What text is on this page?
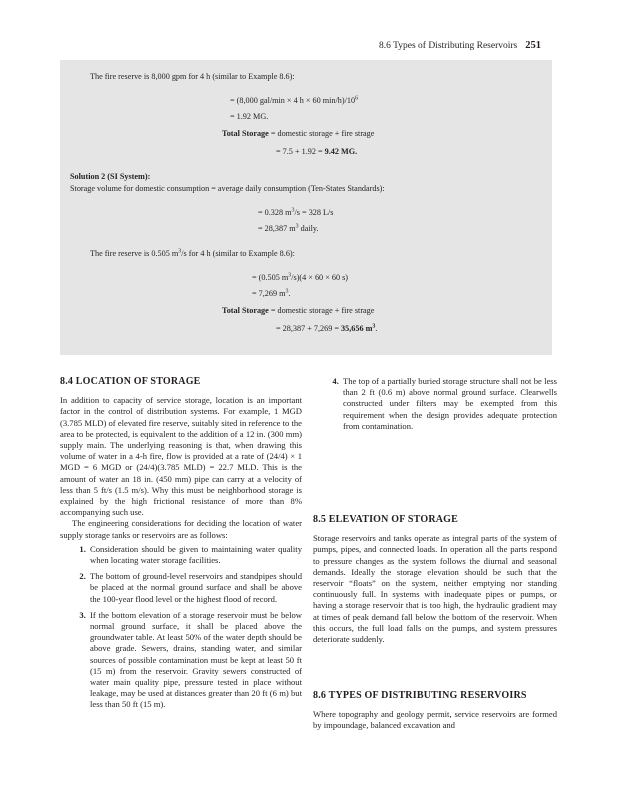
8.6 Types of Distributing Reservoirs 251
The fire reserve is 8,000 gpm for 4 h (similar to Example 8.6):
= (8,000 gal/min × 4 h × 60 $\min/h)/10^6$
= 1.92 MG.
Total Storage = domestic storage + fire strage
= 7.5 + 1.92 = 9.42 MG.
Solution 2 (SI System):
Storage volume for domestic consumption = average daily consumption (Ten-States Standards):
= 0.328 $m^3/s = 328$ L/s
= 28,387 $m^3$ daily.
The fire reserve is 0.505 $m^3/s$ for 4 h (similar to Example 8.6):
= (0.505 $m^3/s)(4 \times 60 \times 60$ s)
= 7,269 $m^3$.
Total Storage = domestic storage + fire strage
= 28,387 + 7,269 = 35,656 $m^3$.
8.4 LOCATION OF STORAGE

In addition to capacity of service storage, location is an important factor in the control of distribution systems. For example, 1 MGD (3.785 MLD) of elevated fire reserve, suitably sited in reference to the area to be protected, is equivalent to the addition of a 12 in. (300 mm) supply main. The underlying reasoning is that, when drawing this volume of water in a 4-h fire, flow is provided at a rate of (24/4) × 1 MGD = 6 MGD or (24/4)(3.785 MLD) = 22.7 MLD. This is the amount of water an 18 in. (450 mm) pipe can carry at a velocity of less than 5 ft/s (1.5 m/s). Why this must be neighborhood storage is explained by the high frictional resistance of more than 8% accompanying such use.

The engineering considerations for deciding the location of water supply storage tanks or reservoirs are as follows:

1. Consideration should be given to maintaining water quality when locating water storage facilities.
2. The bottom of ground-level reservoirs and standpipes should be placed at the normal ground surface and shall be above the 100-year flood level or the highest flood of record.
3. If the bottom elevation of a storage reservoir must be below normal ground surface, it shall be placed above the groundwater table. At least 50% of the water depth should be above grade. Sewers, drains, standing water, and similar sources of possible contamination must be kept at least 50 ft (15 m) from the reservoir. Gravity sewers constructed of water main quality pipe, pressure tested in place without leakage, may be used at distances greater than 20 ft (6 m) but less than 50 ft (15 m).
4. The top of a partially buried storage structure shall not be less than 2 ft (0.6 m) above normal ground surface. Clearwells constructed under filters may be exempted from this requirement when the design provides adequate protection from contamination.
8.5 ELEVATION OF STORAGE

Storage reservoirs and tanks operate as integral parts of the system of pumps, pipes, and connected loads. In operation all the parts respond to pressure changes as the system follows the diurnal and seasonal demands. Ideally the storage elevation should be such that the reservoir “floats” on the system, neither emptying nor standing continuously full. In systems with inadequate pipes or pumps, or having a storage reservoir that is too high, the hydraulic gradient may at times of peak demand fall below the bottom of the reservoir. When this occurs, the full load falls on the pumps, and system pressures deteriorate suddenly.

8.6 TYPES OF DISTRIBUTING RESERVOIRS

Where topography and geology permit, service reservoirs are formed by impoundage, balanced excavation and
